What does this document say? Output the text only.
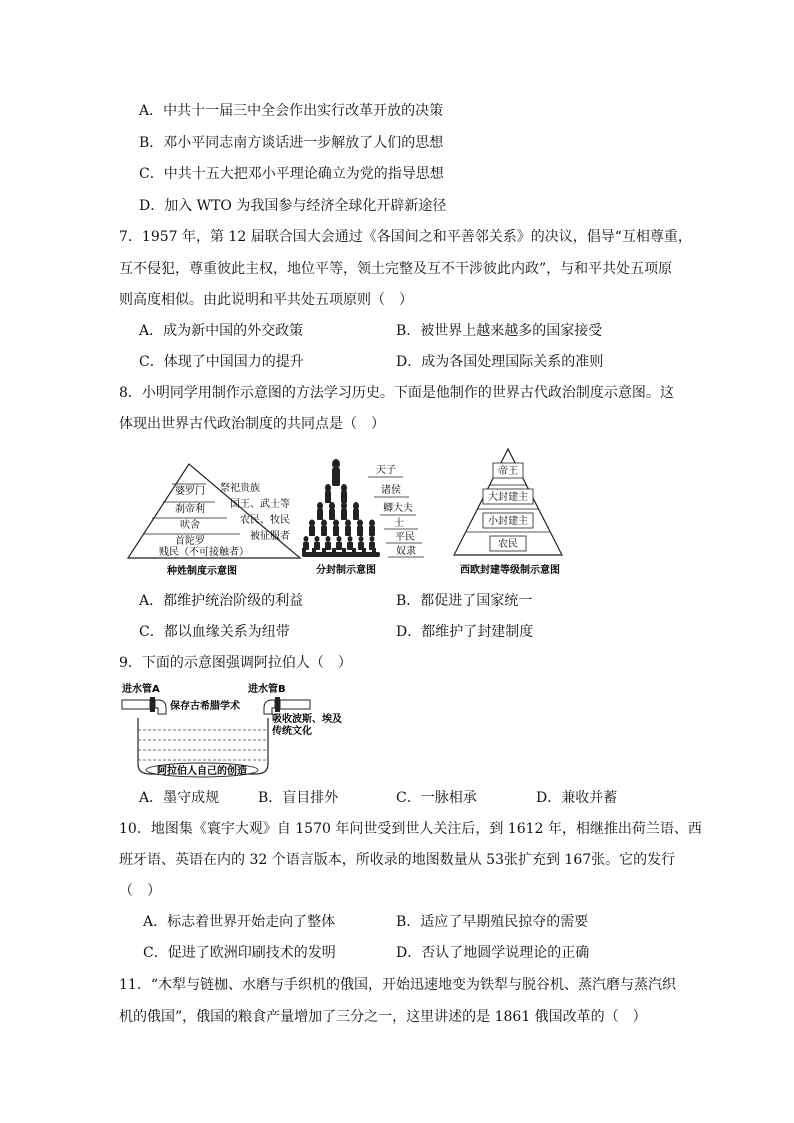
A．中共十一届三中全会作出实行改革开放的决策
B．邓小平同志南方谈话进一步解放了人们的思想
C．中共十五大把邓小平理论确立为党的指导思想
D．加入 WTO 为我国参与经济全球化开辟新途径
7．1957 年，第 12 届联合国大会通过《各国间之和平善邻关系》的决议，倡导“互相尊重，
互不侵犯，尊重彼此主权，地位平等，领土完整及互不干涉彼此内政”，与和平共处五项原
则高度相似。由此说明和平共处五项原则（　）
A．成为新中国的外交政策	B．被世界上越来越多的国家接受
C．体现了中国国力的提升	D．成为各国处理国际关系的准则
8．小明同学用制作示意图的方法学习历史。下面是他制作的世界古代政治制度示意图。这
体现出世界古代政治制度的共同点是（　）
婆罗门
刹帝利
吠舍
首陀罗
贱民（不可接触者）
祭祀贵族
国王、武士等
农民、牧民
被征服者
种姓制度示意图
天子
诸侯
卿大夫
士
平民
奴隶
分封制示意图
帝王
大封建主
小封建主
农民
西欧封建等级制示意图
A．都维护统治阶级的利益	B．都促进了国家统一
C．都以血缘关系为纽带	D．都维护了封建制度
9．下面的示意图强调阿拉伯人（　）
进水管A	进水管B
保存古希腊学术
吸收波斯、埃及
传统文化
阿拉伯人自己的创造
A．墨守成规	B．盲目排外	C．一脉相承	D．兼收并蓄
10．地图集《寰宇大观》自 1570 年问世受到世人关注后，到 1612 年，相继推出荷兰语、西
班牙语、英语在内的 32 个语言版本，所收录的地图数量从 53张扩充到 167张。它的发行
（　）
A．标志着世界开始走向了整体	B．适应了早期殖民掠夺的需要
C．促进了欧洲印刷技术的发明	D．否认了地圆学说理论的正确
11．“木犁与链枷、水磨与手织机的俄国，开始迅速地变为铁犁与脱谷机、蒸汽磨与蒸汽织
机的俄国”，俄国的粮食产量增加了三分之一，这里讲述的是 1861 俄国改革的（　）
